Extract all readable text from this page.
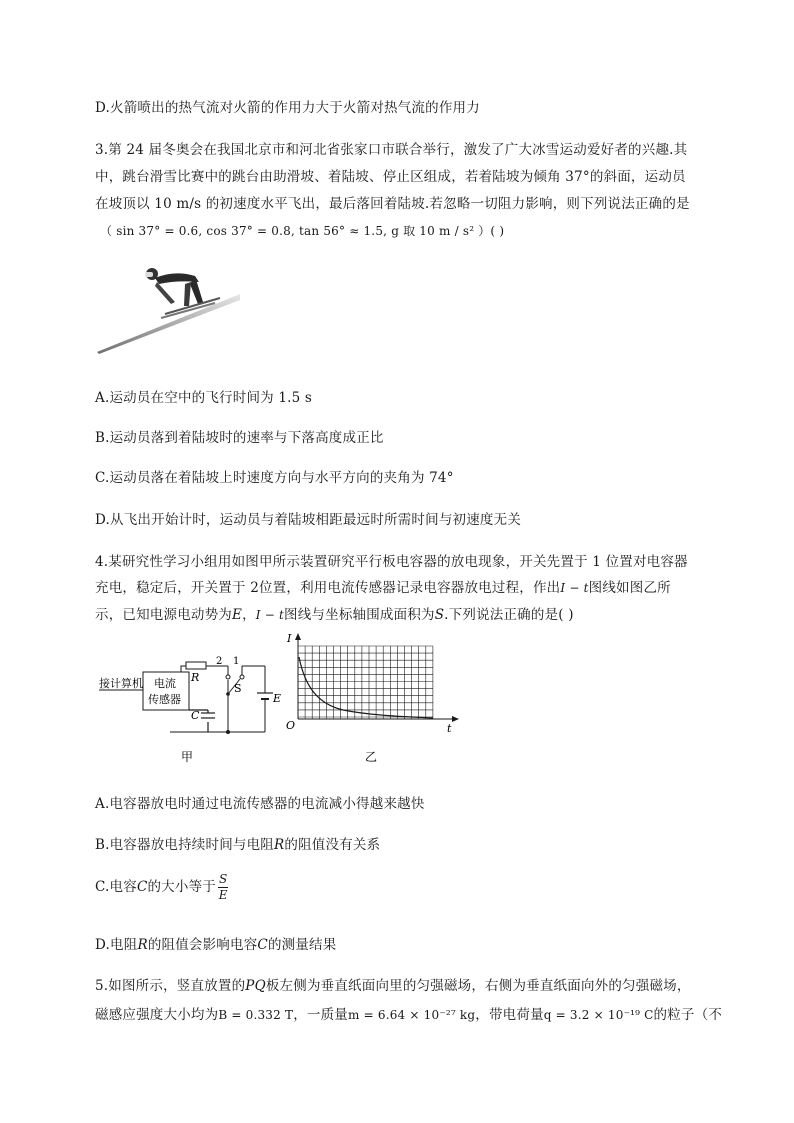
D.火箭喷出的热气流对火箭的作用力大于火箭对热气流的作用力
3.第 24 届冬奥会在我国北京市和河北省张家口市联合举行，激发了广大冰雪运动爱好者的兴趣.其
中，跳台滑雪比赛中的跳台由助滑坡、着陆坡、停止区组成，若着陆坡为倾角 37°的斜面，运动员
在坡顶以 10 m/s 的初速度水平飞出，最后落回着陆坡.若忽略一切阻力影响，则下列说法正确的是
（ sin 37° = 0.6, cos 37° = 0.8, tan 56° ≈ 1.5, g 取 10 m / s² ）( )
A.运动员在空中的飞行时间为 1.5 s
B.运动员落到着陆坡时的速率与下落高度成正比
C.运动员落在着陆坡上时速度方向与水平方向的夹角为 74°
D.从飞出开始计时，运动员与着陆坡相距最远时所需时间与初速度无关
4.某研究性学习小组用如图甲所示装置研究平行板电容器的放电现象，开关先置于 1 位置对电容器
充电，稳定后，开关置于 2位置，利用电流传感器记录电容器放电过程，作出I − t图线如图乙所
示，已知电源电动势为E，I − t图线与坐标轴围成面积为S.下列说法正确的是( )
接计算机 电流
传感器
R
2 1
S
C
E
甲
I
t
O
乙
A.电容器放电时通过电流传感器的电流减小得越来越快
B.电容器放电持续时间与电阻R的阻值没有关系
C.电容C的大小等于 $\frac{S}{E}$
D.电阻R的阻值会影响电容C的测量结果
5.如图所示，竖直放置的PQ板左侧为垂直纸面向里的匀强磁场，右侧为垂直纸面向外的匀强磁场，
磁感应强度大小均为B = 0.332 T，一质量m = 6.64 × 10⁻²⁷ kg，带电荷量q = 3.2 × 10⁻¹⁹ C的粒子（不
